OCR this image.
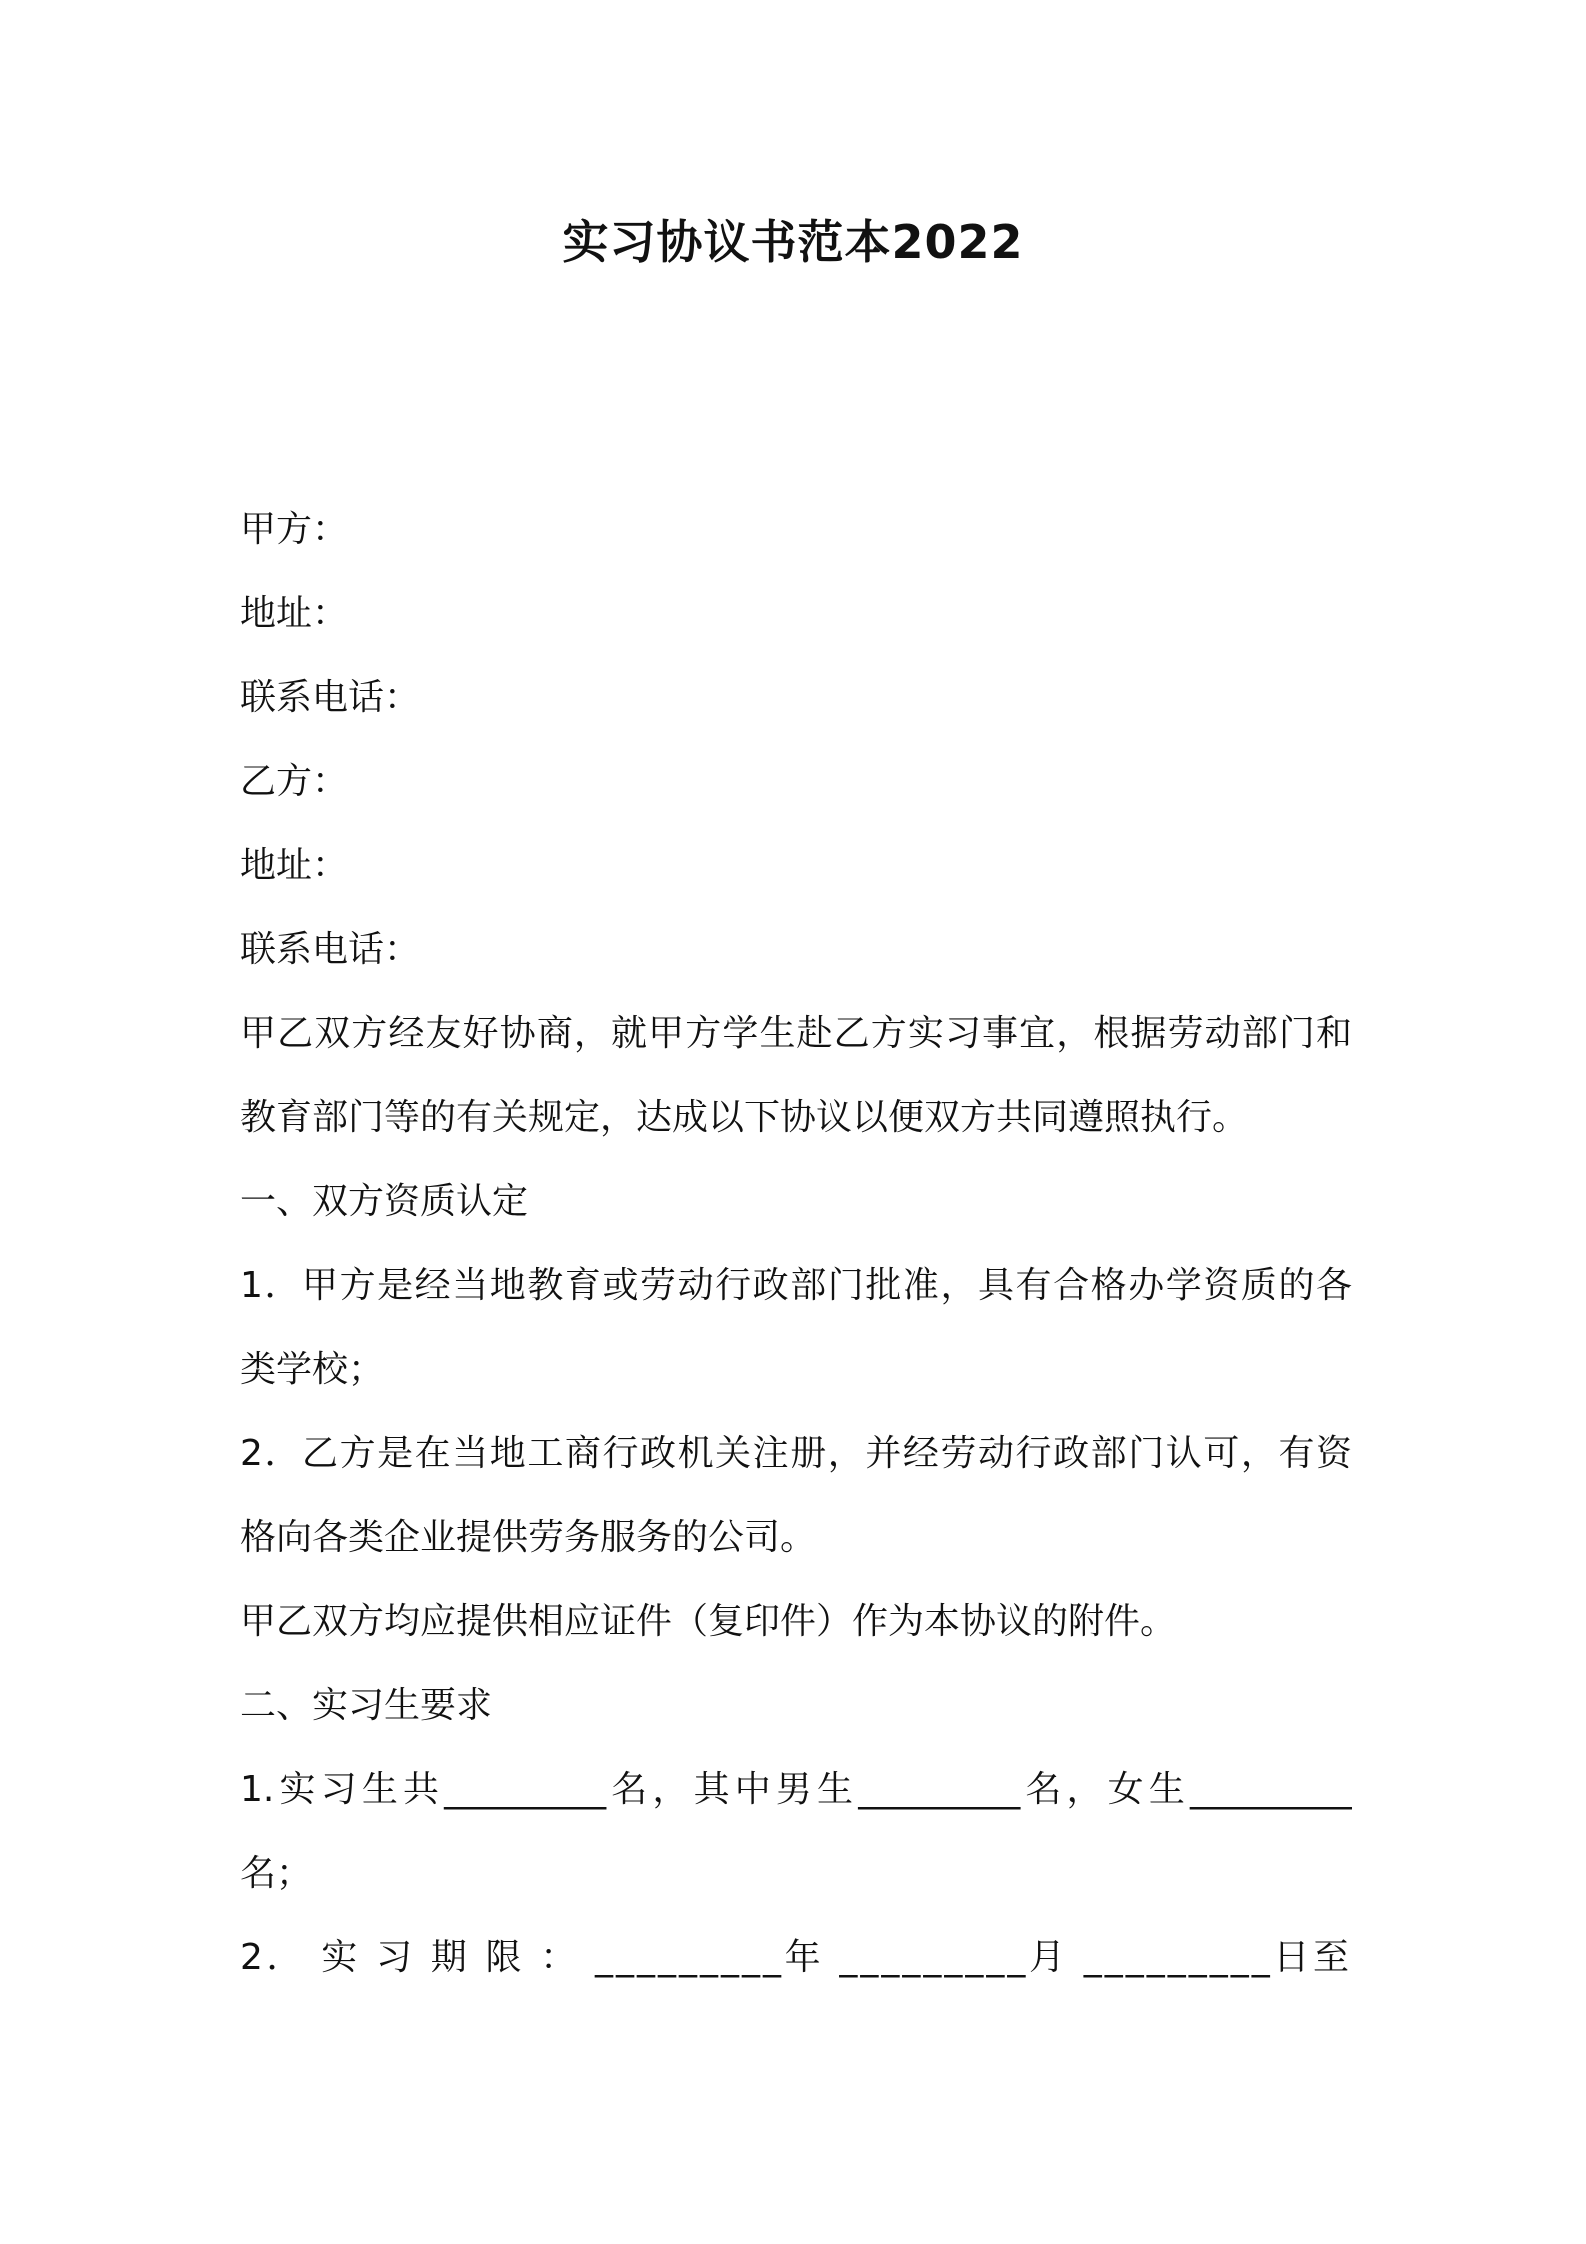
实习协议书范本2022
甲方：
地址：
联系电话：
乙方：
地址：
联系电话：
甲乙双方经友好协商，就甲方学生赴乙方实习事宜，根据劳动部门和
教育部门等的有关规定，达成以下协议以便双方共同遵照执行。
一、双方资质认定
1．甲方是经当地教育或劳动行政部门批准，具有合格办学资质的各
类学校；
2．乙方是在当地工商行政机关注册，并经劳动行政部门认可，有资
格向各类企业提供劳务服务的公司。
甲乙双方均应提供相应证件（复印件）作为本协议的附件。
二、实习生要求
1.实习生共_________名，其中男生_________名，女生_________
名；
2． 实 习 期 限 ： _________年 _________月 _________日至
